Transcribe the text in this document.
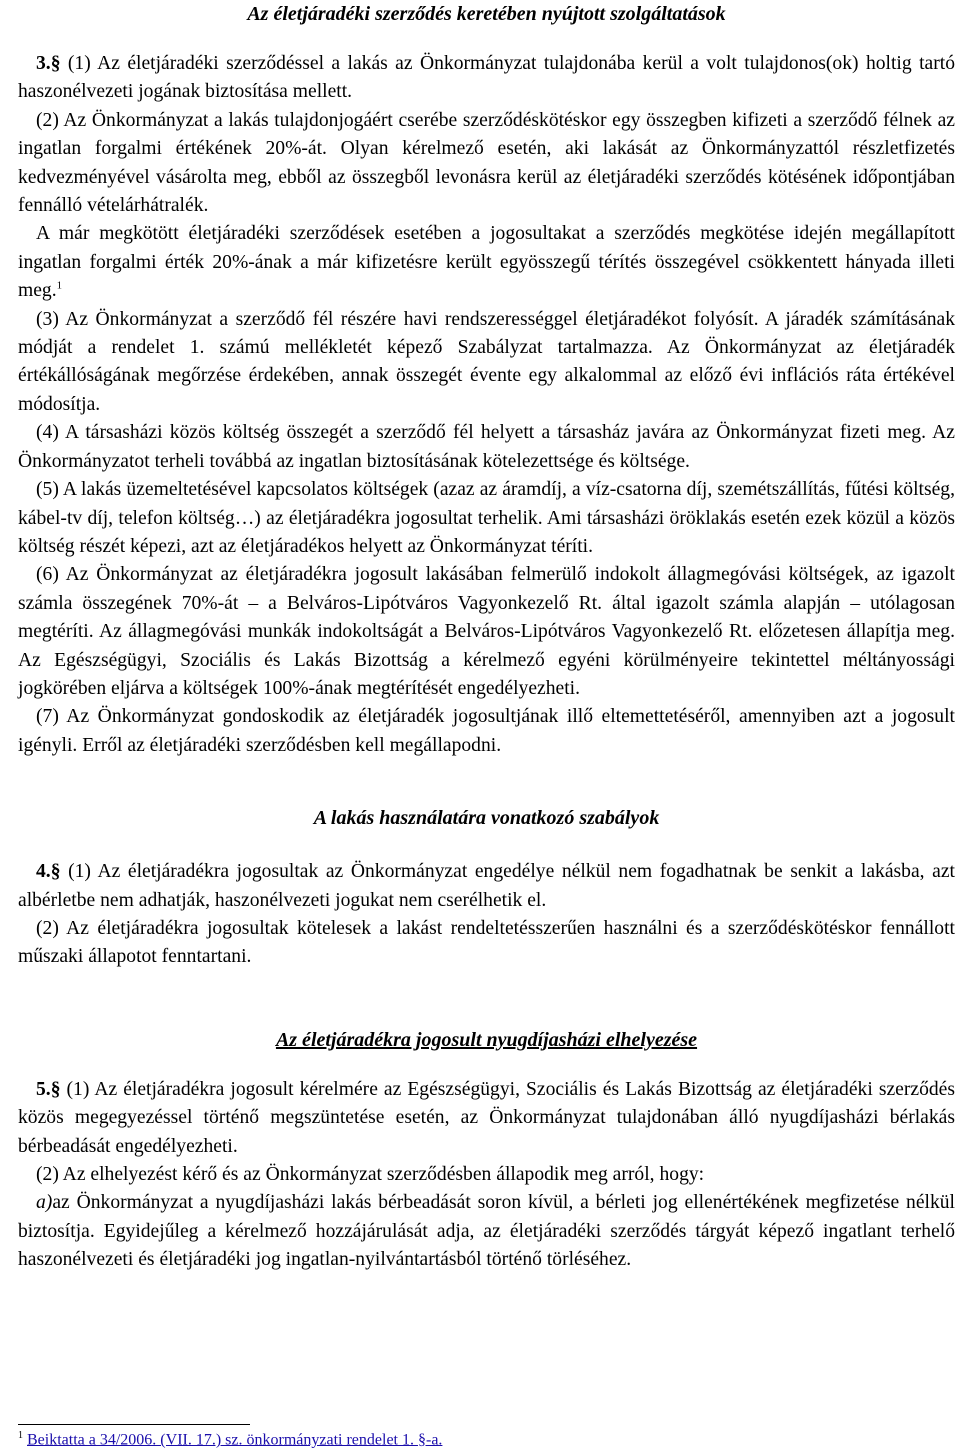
Az életjáradéki szerződés keretében nyújtott szolgáltatások

3.§ (1) Az életjáradéki szerződéssel a lakás az Önkormányzat tulajdonába kerül a volt tulajdonos(ok) holtig tartó haszonélvezeti jogának biztosítása mellett.

(2) Az Önkormányzat a lakás tulajdonjogáért cserébe szerződéskötéskor egy összegben kifizeti a szerződő félnek az ingatlan forgalmi értékének 20%-át. Olyan kérelmező esetén, aki lakását az Önkormányzattól részletfizetés kedvezményével vásárolta meg, ebből az összegből levonásra kerül az életjáradéki szerződés kötésének időpontjában fennálló vételárhátralék.

A már megkötött életjáradéki szerződések esetében a jogosultakat a szerződés megkötése idején megállapított ingatlan forgalmi érték 20%-ának a már kifizetésre került egyösszegű térítés összegével csökkentett hányada illeti meg.$^1$

(3) Az Önkormányzat a szerződő fél részére havi rendszerességgel életjáradékot folyósít. A járadék számításának módját a rendelet 1. számú mellékletét képező Szabályzat tartalmazza. Az Önkormányzat az életjáradék értékállóságának megőrzése érdekében, annak összegét évente egy alkalommal az előző évi inflációs ráta értékével módosítja.

(4) A társasházi közös költség összegét a szerződő fél helyett a társasház javára az Önkormányzat fizeti meg. Az Önkormányzatot terheli továbbá az ingatlan biztosításának kötelezettsége és költsége.

(5) A lakás üzemeltetésével kapcsolatos költségek (azaz az áramdíj, a víz-csatorna díj, szemétszállítás, fűtési költség, kábel-tv díj, telefon költség…) az életjáradékra jogosultat terhelik. Ami társasházi öröklakás esetén ezek közül a közös költség részét képezi, azt az életjáradékos helyett az Önkormányzat téríti.

(6) Az Önkormányzat az életjáradékra jogosult lakásában felmerülő indokolt állagmegóvási költségek, az igazolt számla összegének 70%-át – a Belváros-Lipótváros Vagyonkezelő Rt. által igazolt számla alapján – utólagosan megtéríti. Az állagmegóvási munkák indokoltságát a Belváros-Lipótváros Vagyonkezelő Rt. előzetesen állapítja meg. Az Egészségügyi, Szociális és Lakás Bizottság a kérelmező egyéni körülményeire tekintettel méltányossági jogkörében eljárva a költségek 100%-ának megtérítését engedélyezheti.

(7) Az Önkormányzat gondoskodik az életjáradék jogosultjának illő eltemettetéséről, amennyiben azt a jogosult igényli. Erről az életjáradéki szerződésben kell megállapodni.

A lakás használatára vonatkozó szabályok

4.§ (1) Az életjáradékra jogosultak az Önkormányzat engedélye nélkül nem fogadhatnak be senkit a lakásba, azt albérletbe nem adhatják, haszonélvezeti jogukat nem cserélhetik el.

(2) Az életjáradékra jogosultak kötelesek a lakást rendeltetésszerűen használni és a szerződéskötéskor fennállott műszaki állapotot fenntartani.

Az életjáradékra jogosult nyugdíjasházi elhelyezése

5.§ (1) Az életjáradékra jogosult kérelmére az Egészségügyi, Szociális és Lakás Bizottság az életjáradéki szerződés közös megegyezéssel történő megszüntetése esetén, az Önkormányzat tulajdonában álló nyugdíjasházi bérlakás bérbeadását engedélyezheti.

(2) Az elhelyezést kérő és az Önkormányzat szerződésben állapodik meg arról, hogy:

a)az Önkormányzat a nyugdíjasházi lakás bérbeadását soron kívül, a bérleti jog ellenértékének megfizetése nélkül biztosítja. Egyidejűleg a kérelmező hozzájárulását adja, az életjáradéki szerződés tárgyát képező ingatlant terhelő haszonélvezeti és életjáradéki jog ingatlan-nyilvántartásból történő törléséhez.

$^1$ Beiktatta a 34/2006. (VII. 17.) sz. önkormányzati rendelet 1. §-a.
